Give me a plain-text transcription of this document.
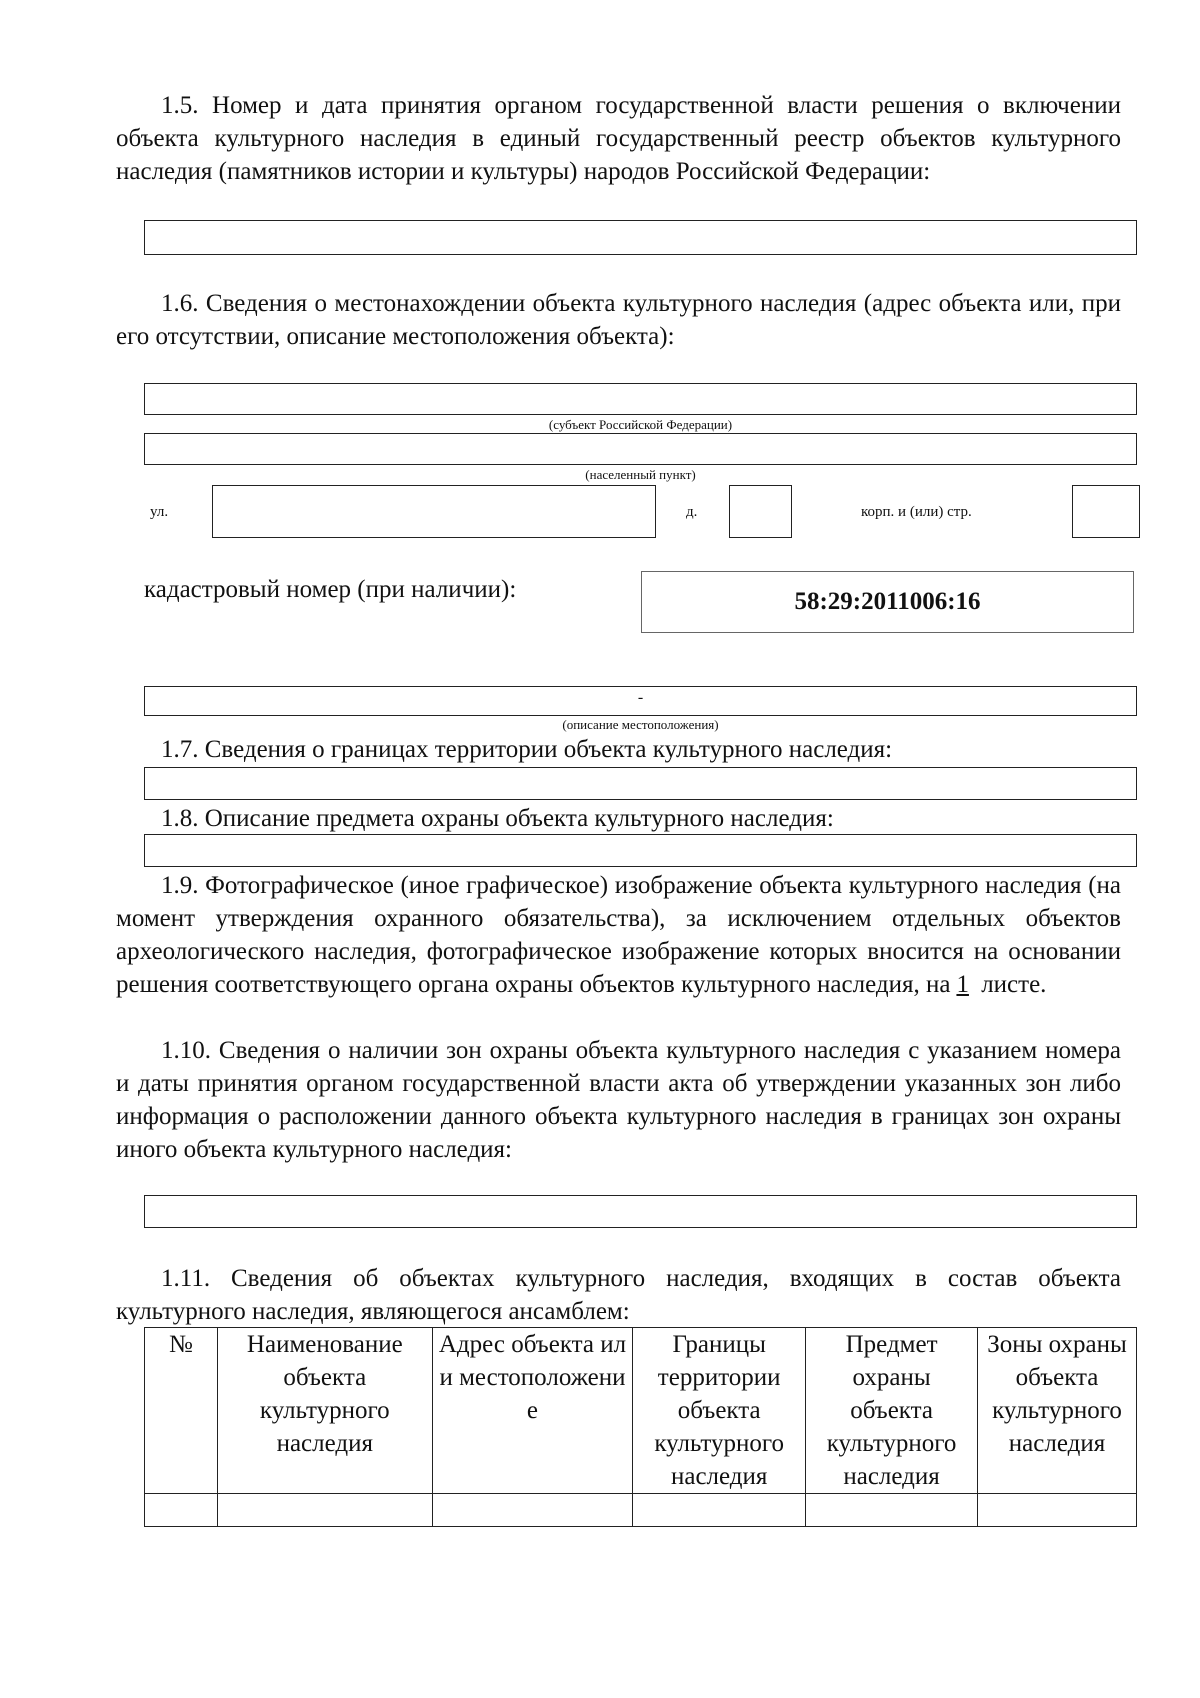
1.5. Номер и дата принятия органом государственной власти решения о включении объекта культурного наследия в единый государственный реестр объектов культурного наследия (памятников истории и культуры) народов Российской Федерации:

1.6. Сведения о местонахождении объекта культурного наследия (адрес объекта или, при его отсутствии, описание местоположения объекта):

(субъект Российской Федерации)
(населенный пункт)
ул.	д.	корп. и (или) стр.
кадастровый номер (при наличии):	58:29:2011006:16
-
(описание местоположения)

1.7. Сведения о границах территории объекта культурного наследия:

1.8. Описание предмета охраны объекта культурного наследия:

1.9. Фотографическое (иное графическое) изображение объекта культурного наследия (на момент утверждения охранного обязательства), за исключением отдельных объектов археологического наследия, фотографическое изображение которых вносится на основании решения соответствующего органа охраны объектов культурного наследия, на 1 листе.

1.10. Сведения о наличии зон охраны объекта культурного наследия с указанием номера и даты принятия органом государственной власти акта об утверждении указанных зон либо информация о расположении данного объекта культурного наследия в границах зон охраны иного объекта культурного наследия:

1.11. Сведения об объектах культурного наследия, входящих в состав объекта культурного наследия, являющегося ансамблем:

№	Наименование объекта культурного наследия	Адрес объекта или местоположение	Границы территории объекта культурного наследия	Предмет охраны объекта культурного наследия	Зоны охраны объекта культурного наследия
